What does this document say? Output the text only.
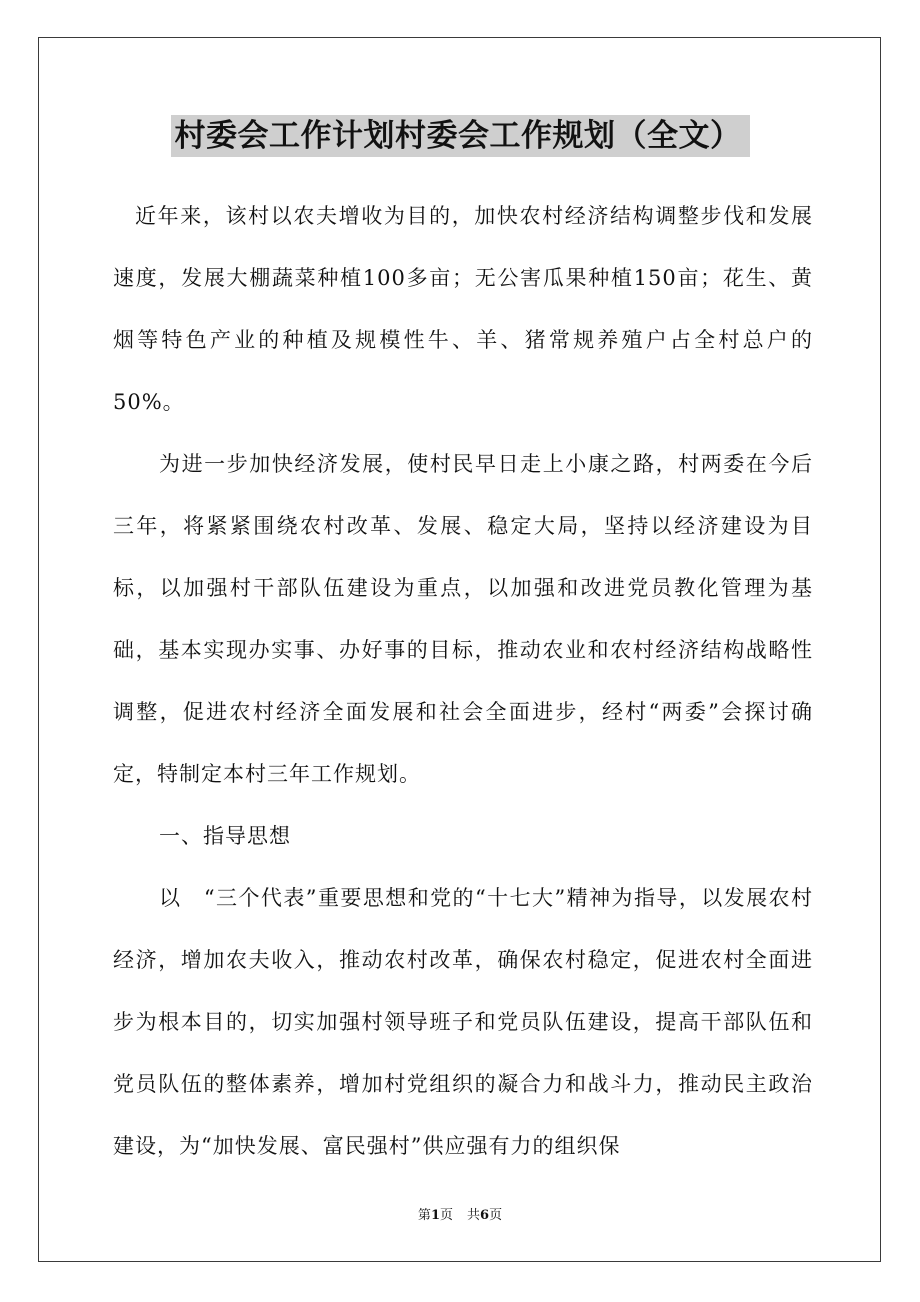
村委会工作计划村委会工作规划（全文）

近年来，该村以农夫增收为目的，加快农村经济结构调整步伐和发展速度，发展大棚蔬菜种植100多亩；无公害瓜果种植150亩；花生、黄烟等特色产业的种植及规模性牛、羊、猪常规养殖户占全村总户的50%。

为进一步加快经济发展，使村民早日走上小康之路，村两委在今后三年，将紧紧围绕农村改革、发展、稳定大局，坚持以经济建设为目标，以加强村干部队伍建设为重点，以加强和改进党员教化管理为基础，基本实现办实事、办好事的目标，推动农业和农村经济结构战略性调整，促进农村经济全面发展和社会全面进步，经村“两委”会探讨确定，特制定本村三年工作规划。

一、指导思想

以　“三个代表”重要思想和党的“十七大”精神为指导，以发展农村经济，增加农夫收入，推动农村改革，确保农村稳定，促进农村全面进步为根本目的，切实加强村领导班子和党员队伍建设，提高干部队伍和党员队伍的整体素养，增加村党组织的凝合力和战斗力，推动民主政治建设，为“加快发展、富民强村”供应强有力的组织保

第1页 共6页
